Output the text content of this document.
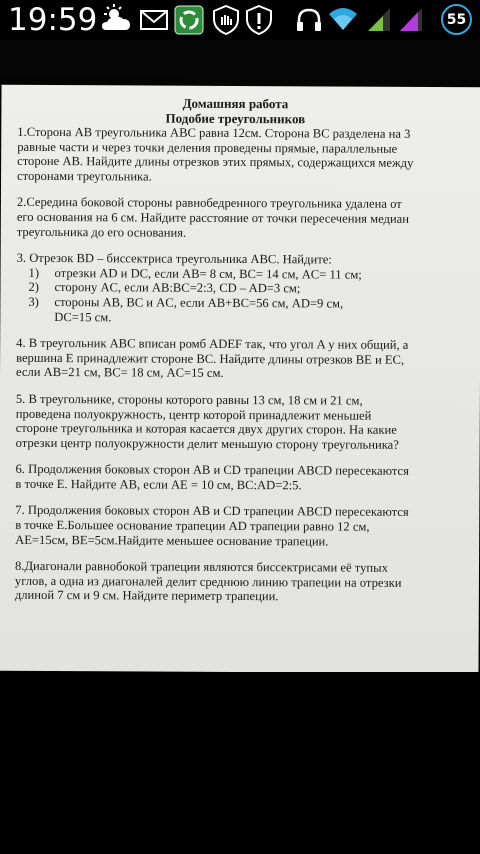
19:59	55
Домашняя работа
Подобие треугольников
1.Сторона AB треугольника ABC равна 12см. Сторона BC разделена на 3
равные части и через точки деления проведены прямые, параллельные
стороне AB. Найдите длины отрезков этих прямых, содержащихся между
сторонами треугольника.
2.Середина боковой стороны равнобедренного треугольника удалена от
его основания на 6 см. Найдите расстояние от точки пересечения медиан
треугольника до его основания.
3. Отрезок BD – биссектриса треугольника ABC. Найдите:
1)	отрезки AD и DC, если AB= 8 см, BC= 14 см, AC= 11 см;
2)	сторону AC, если AB:BC=2:3, CD – AD=3 см;
3)	стороны AB, BC и AC, если AB+BC=56 см, AD=9 см,
DC=15 см.
4. В треугольник ABC вписан ромб ADEF так, что угол A у них общий, а
вершина E принадлежит стороне BC. Найдите длины отрезков BE и EC,
если AB=21 см, BC= 18 см, AC=15 см.
5. В треугольнике, стороны которого равны 13 см, 18 см и 21 см,
проведена полуокружность, центр которой принадлежит меньшей
стороне треугольника и которая касается двух других сторон. На какие
отрезки центр полуокружности делит меньшую сторону треугольника?
6. Продолжения боковых сторон AB и CD трапеции ABCD пересекаются
в точке E. Найдите AB, если AE = 10 см, BC:AD=2:5.
7. Продолжения боковых сторон AB и CD трапеции ABCD пересекаются
в точке E.Большее основание трапеции AD трапеции равно 12 см,
AE=15см, BE=5см.Найдите меньшее основание трапеции.
8.Диагонали равнобокой трапеции являются биссектрисами её тупых
углов, а одна из диагоналей делит среднюю линию трапеции на отрезки
длиной 7 см и 9 см. Найдите периметр трапеции.
